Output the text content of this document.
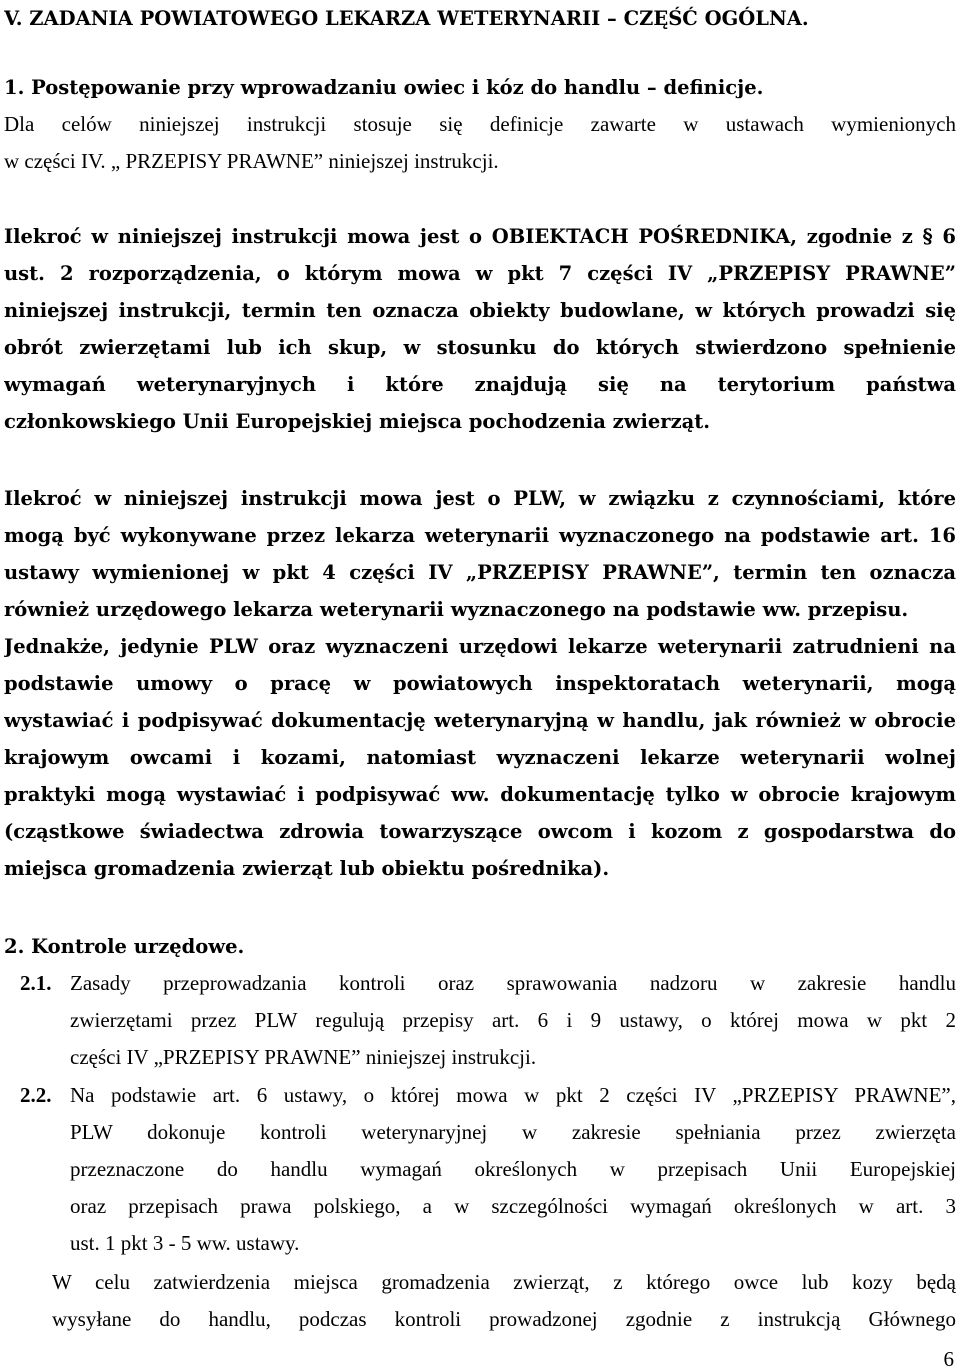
V. ZADANIA POWIATOWEGO LEKARZA WETERYNARII – CZĘŚĆ OGÓLNA.
1. Postępowanie przy wprowadzaniu owiec i kóz do handlu – definicje.
Dla celów niniejszej instrukcji stosuje się definicje zawarte w ustawach wymienionych
w części IV. „ PRZEPISY PRAWNE” niniejszej instrukcji.
Ilekroć w niniejszej instrukcji mowa jest o OBIEKTACH POŚREDNIKA, zgodnie z § 6
ust. 2 rozporządzenia, o którym mowa w pkt 7 części IV „PRZEPISY PRAWNE”
niniejszej instrukcji, termin ten oznacza obiekty budowlane, w których prowadzi się
obrót zwierzętami lub ich skup, w stosunku do których stwierdzono spełnienie
wymagań weterynaryjnych i które znajdują się na terytorium państwa
członkowskiego Unii Europejskiej miejsca pochodzenia zwierząt.
Ilekroć w niniejszej instrukcji mowa jest o PLW, w związku z czynnościami, które
mogą być wykonywane przez lekarza weterynarii wyznaczonego na podstawie art. 16
ustawy wymienionej w pkt 4 części IV „PRZEPISY PRAWNE”, termin ten oznacza
również urzędowego lekarza weterynarii wyznaczonego na podstawie ww. przepisu.
Jednakże, jedynie PLW oraz wyznaczeni urzędowi lekarze weterynarii zatrudnieni na
podstawie umowy o pracę w powiatowych inspektoratach weterynarii, mogą
wystawiać i podpisywać dokumentację weterynaryjną w handlu, jak również w obrocie
krajowym owcami i kozami, natomiast wyznaczeni lekarze weterynarii wolnej
praktyki mogą wystawiać i podpisywać ww. dokumentację tylko w obrocie krajowym
(cząstkowe świadectwa zdrowia towarzyszące owcom i kozom z gospodarstwa do
miejsca gromadzenia zwierząt lub obiektu pośrednika).
2. Kontrole urzędowe.
2.1. Zasady przeprowadzania kontroli oraz sprawowania nadzoru w zakresie handlu
zwierzętami przez PLW regulują przepisy art. 6 i 9 ustawy, o której mowa w pkt 2
części IV „PRZEPISY PRAWNE” niniejszej instrukcji.
2.2. Na podstawie art. 6 ustawy, o której mowa w pkt 2 części IV „PRZEPISY PRAWNE”,
PLW dokonuje kontroli weterynaryjnej w zakresie spełniania przez zwierzęta
przeznaczone do handlu wymagań określonych w przepisach Unii Europejskiej
oraz przepisach prawa polskiego, a w szczególności wymagań określonych w art. 3
ust. 1 pkt 3 - 5 ww. ustawy.
W celu zatwierdzenia miejsca gromadzenia zwierząt, z którego owce lub kozy będą
wysyłane do handlu, podczas kontroli prowadzonej zgodnie z instrukcją Głównego
6
